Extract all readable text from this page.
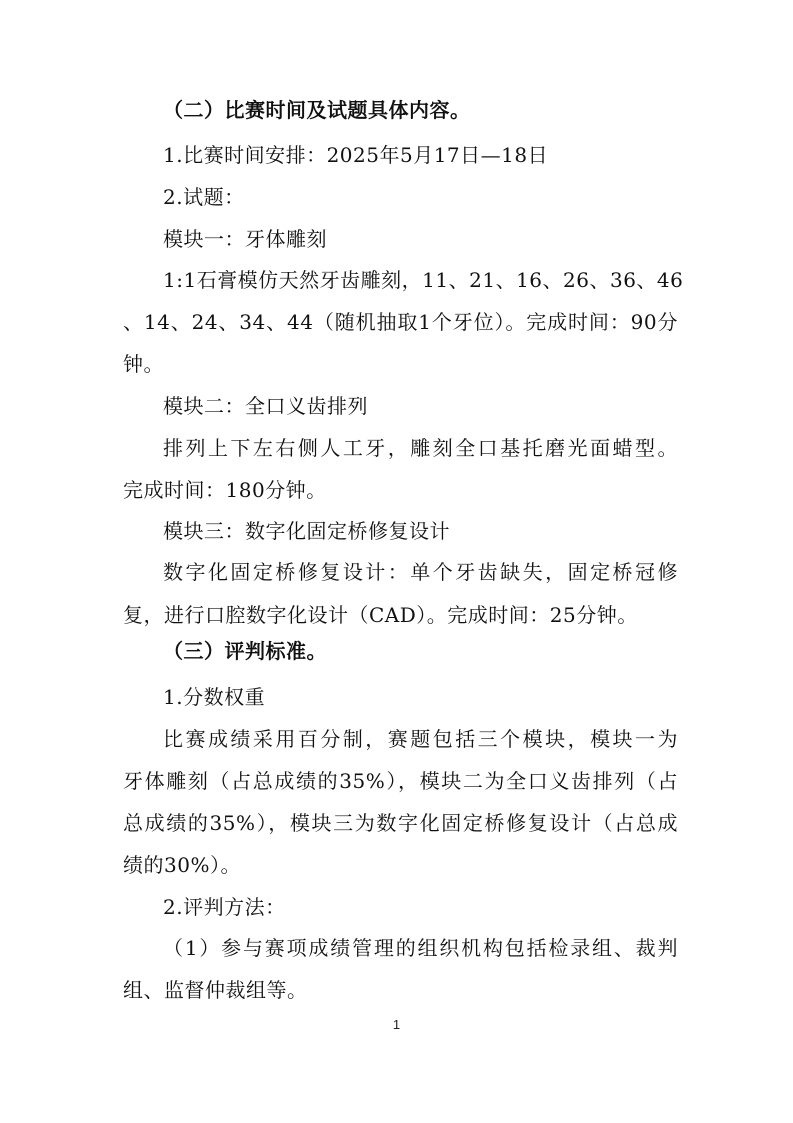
（二）比赛时间及试题具体内容。
1.比赛时间安排：2025年5月17日—18日
2.试题：
模块一：牙体雕刻
1:1石膏模仿天然牙齿雕刻，11、21、16、26、36、46
、14、24、34、44（随机抽取1个牙位）。完成时间：90分
钟。
模块二：全口义齿排列
排列上下左右侧人工牙，雕刻全口基托磨光面蜡型。
完成时间：180分钟。
模块三：数字化固定桥修复设计
数字化固定桥修复设计：单个牙齿缺失，固定桥冠修
复，进行口腔数字化设计（CAD）。完成时间：25分钟。
（三）评判标准。
1.分数权重
比赛成绩采用百分制，赛题包括三个模块，模块一为
牙体雕刻（占总成绩的35%），模块二为全口义齿排列（占
总成绩的35%），模块三为数字化固定桥修复设计（占总成
绩的30%）。
2.评判方法：
（1）参与赛项成绩管理的组织机构包括检录组、裁判
组、监督仲裁组等。
1
